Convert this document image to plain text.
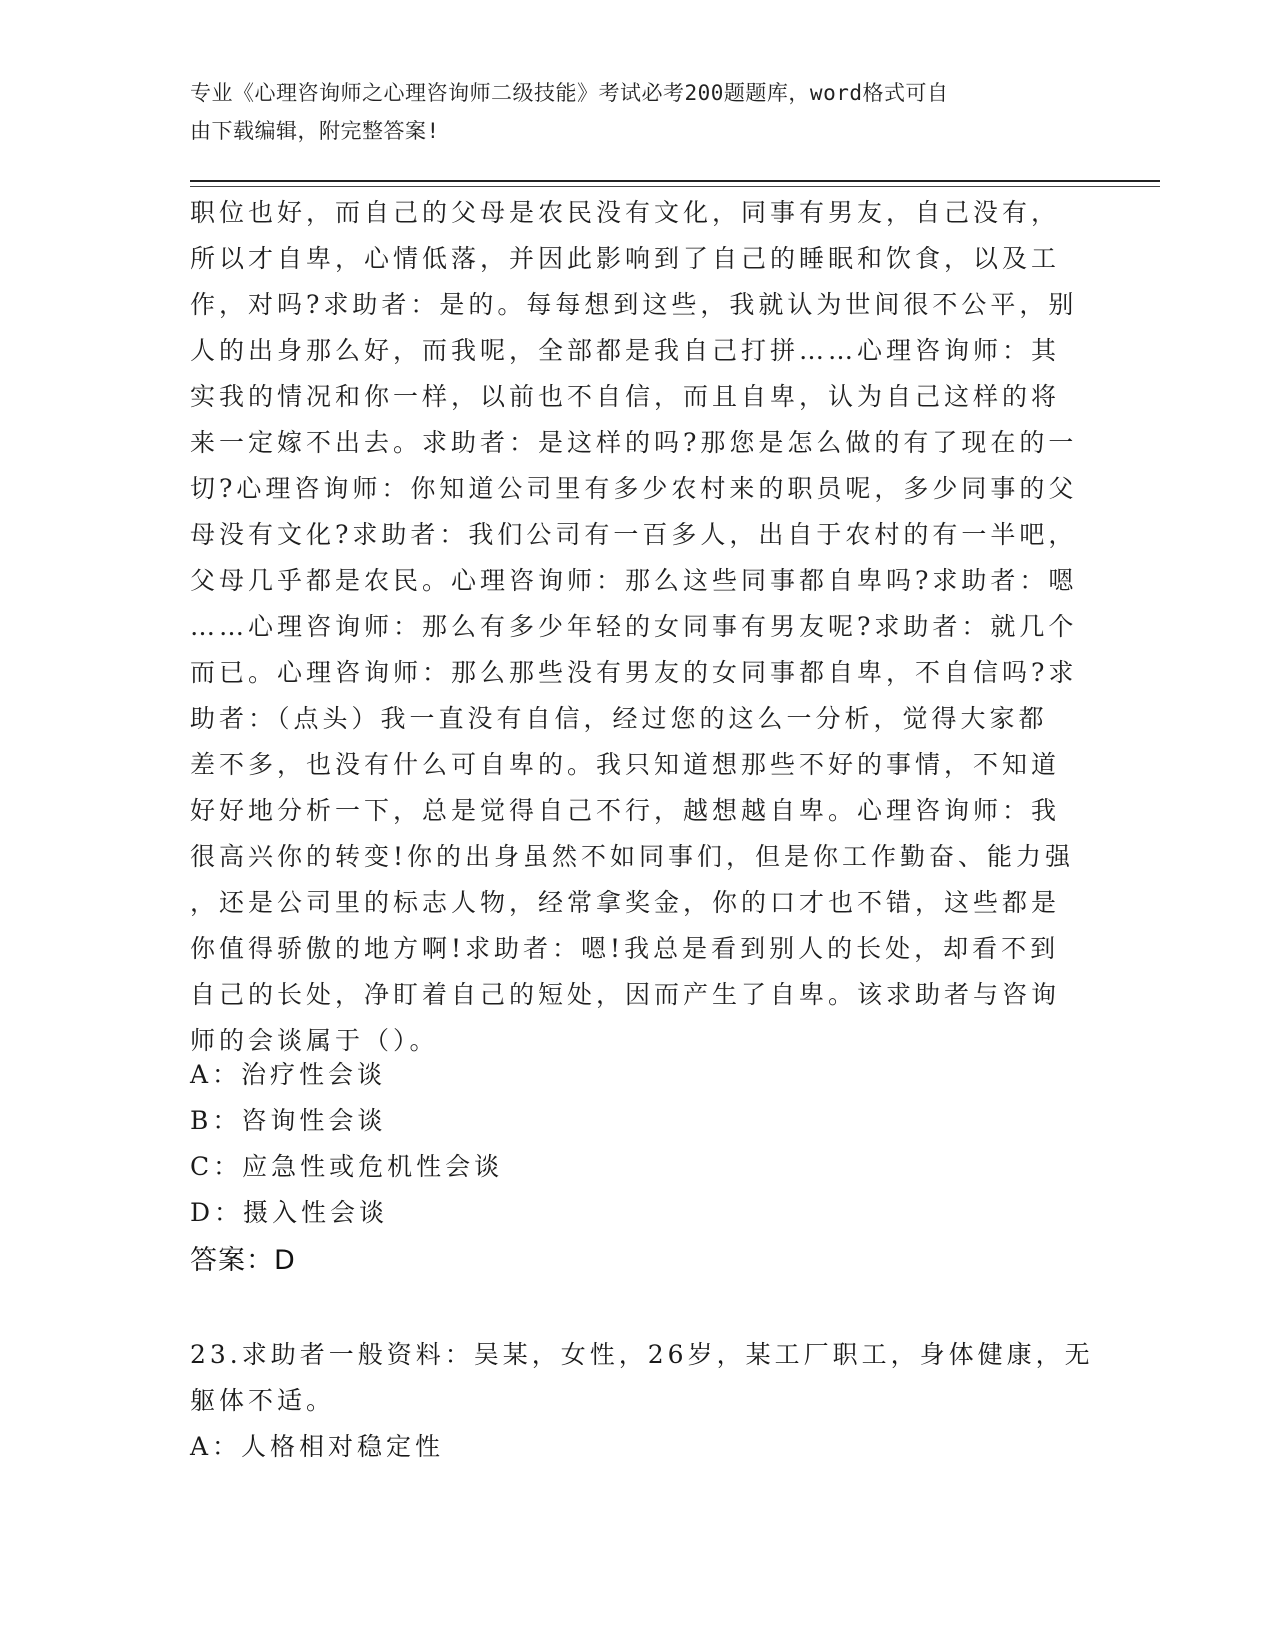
专业《心理咨询师之心理咨询师二级技能》考试必考200题题库，word格式可自
由下载编辑，附完整答案!
职位也好，而自己的父母是农民没有文化，同事有男友，自己没有，
所以才自卑，心情低落，并因此影响到了自己的睡眠和饮食，以及工
作，对吗?求助者：是的。每每想到这些，我就认为世间很不公平，别
人的出身那么好，而我呢，全部都是我自己打拼……心理咨询师：其
实我的情况和你一样，以前也不自信，而且自卑，认为自己这样的将
来一定嫁不出去。求助者：是这样的吗?那您是怎么做的有了现在的一
切?心理咨询师：你知道公司里有多少农村来的职员呢，多少同事的父
母没有文化?求助者：我们公司有一百多人，出自于农村的有一半吧，
父母几乎都是农民。心理咨询师：那么这些同事都自卑吗?求助者：嗯
……心理咨询师：那么有多少年轻的女同事有男友呢?求助者：就几个
而已。心理咨询师：那么那些没有男友的女同事都自卑，不自信吗?求
助者：（点头）我一直没有自信，经过您的这么一分析，觉得大家都
差不多，也没有什么可自卑的。我只知道想那些不好的事情，不知道
好好地分析一下，总是觉得自己不行，越想越自卑。心理咨询师：我
很高兴你的转变!你的出身虽然不如同事们，但是你工作勤奋、能力强
，还是公司里的标志人物，经常拿奖金，你的口才也不错，这些都是
你值得骄傲的地方啊!求助者：嗯!我总是看到别人的长处，却看不到
自己的长处，净盯着自己的短处，因而产生了自卑。该求助者与咨询
师的会谈属于（）。
A：治疗性会谈
B：咨询性会谈
C：应急性或危机性会谈
D：摄入性会谈
答案：D
23.求助者一般资料：吴某，女性，26岁，某工厂职工，身体健康，无
躯体不适。
A：人格相对稳定性
